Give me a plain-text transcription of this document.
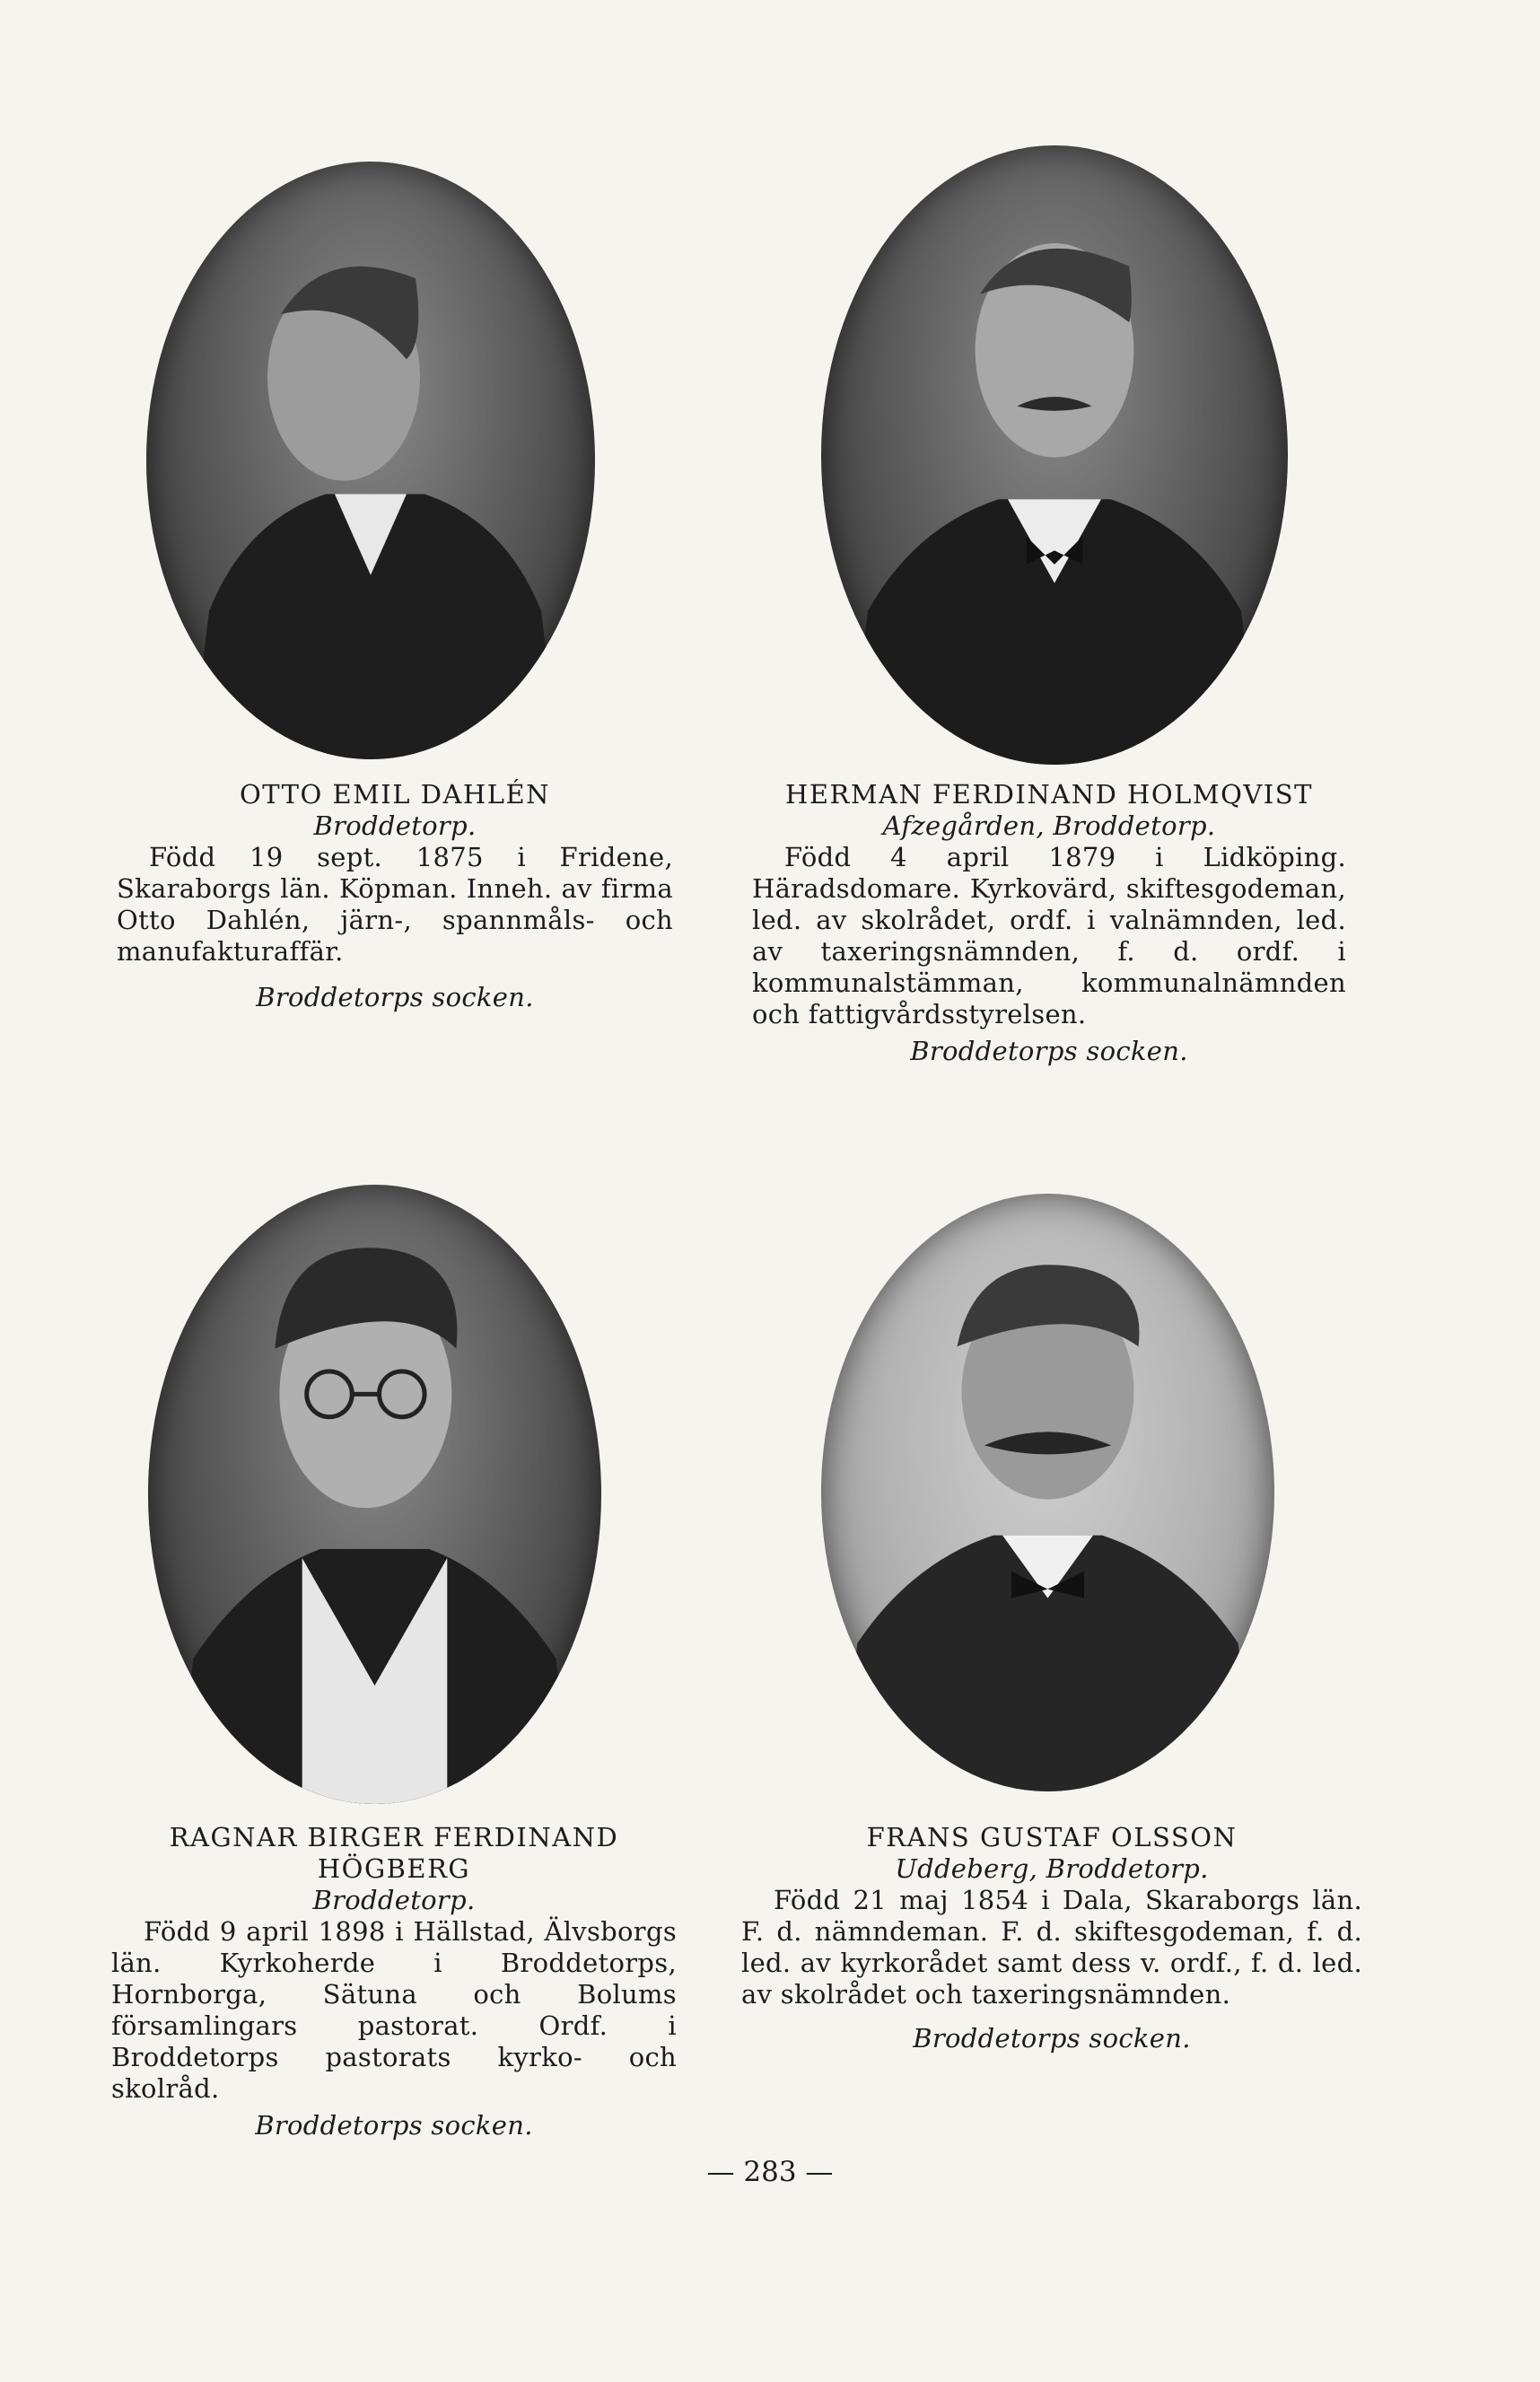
OTTO EMIL DAHLÉN
Broddetorp.
Född 19 sept. 1875 i Fridene, Skaraborgs län. Köpman. Inneh. av firma Otto Dahlén, järn-, spannmåls- och manufakturaffär.
Broddetorps socken.
HERMAN FERDINAND HOLMQVIST
Afzegården, Broddetorp.
Född 4 april 1879 i Lidköping. Häradsdomare. Kyrkovärd, skiftesgodeman, led. av skolrådet, ordf. i valnämnden, led. av taxeringsnämnden, f. d. ordf. i kommunalstämman, kommunalnämnden och fattigvårdsstyrelsen.
Broddetorps socken.
RAGNAR BIRGER FERDINAND HÖGBERG
Broddetorp.
Född 9 april 1898 i Hällstad, Älvsborgs län. Kyrkoherde i Broddetorps, Hornborga, Sätuna och Bolums församlingars pastorat. Ordf. i Broddetorps pastorats kyrko- och skolråd.
Broddetorps socken.
FRANS GUSTAF OLSSON
Uddeberg, Broddetorp.
Född 21 maj 1854 i Dala, Skaraborgs län. F. d. nämndeman. F. d. skiftesgodeman, f. d. led. av kyrkorådet samt dess v. ordf., f. d. led. av skolrådet och taxeringsnämnden.
Broddetorps socken.
— 283 —
